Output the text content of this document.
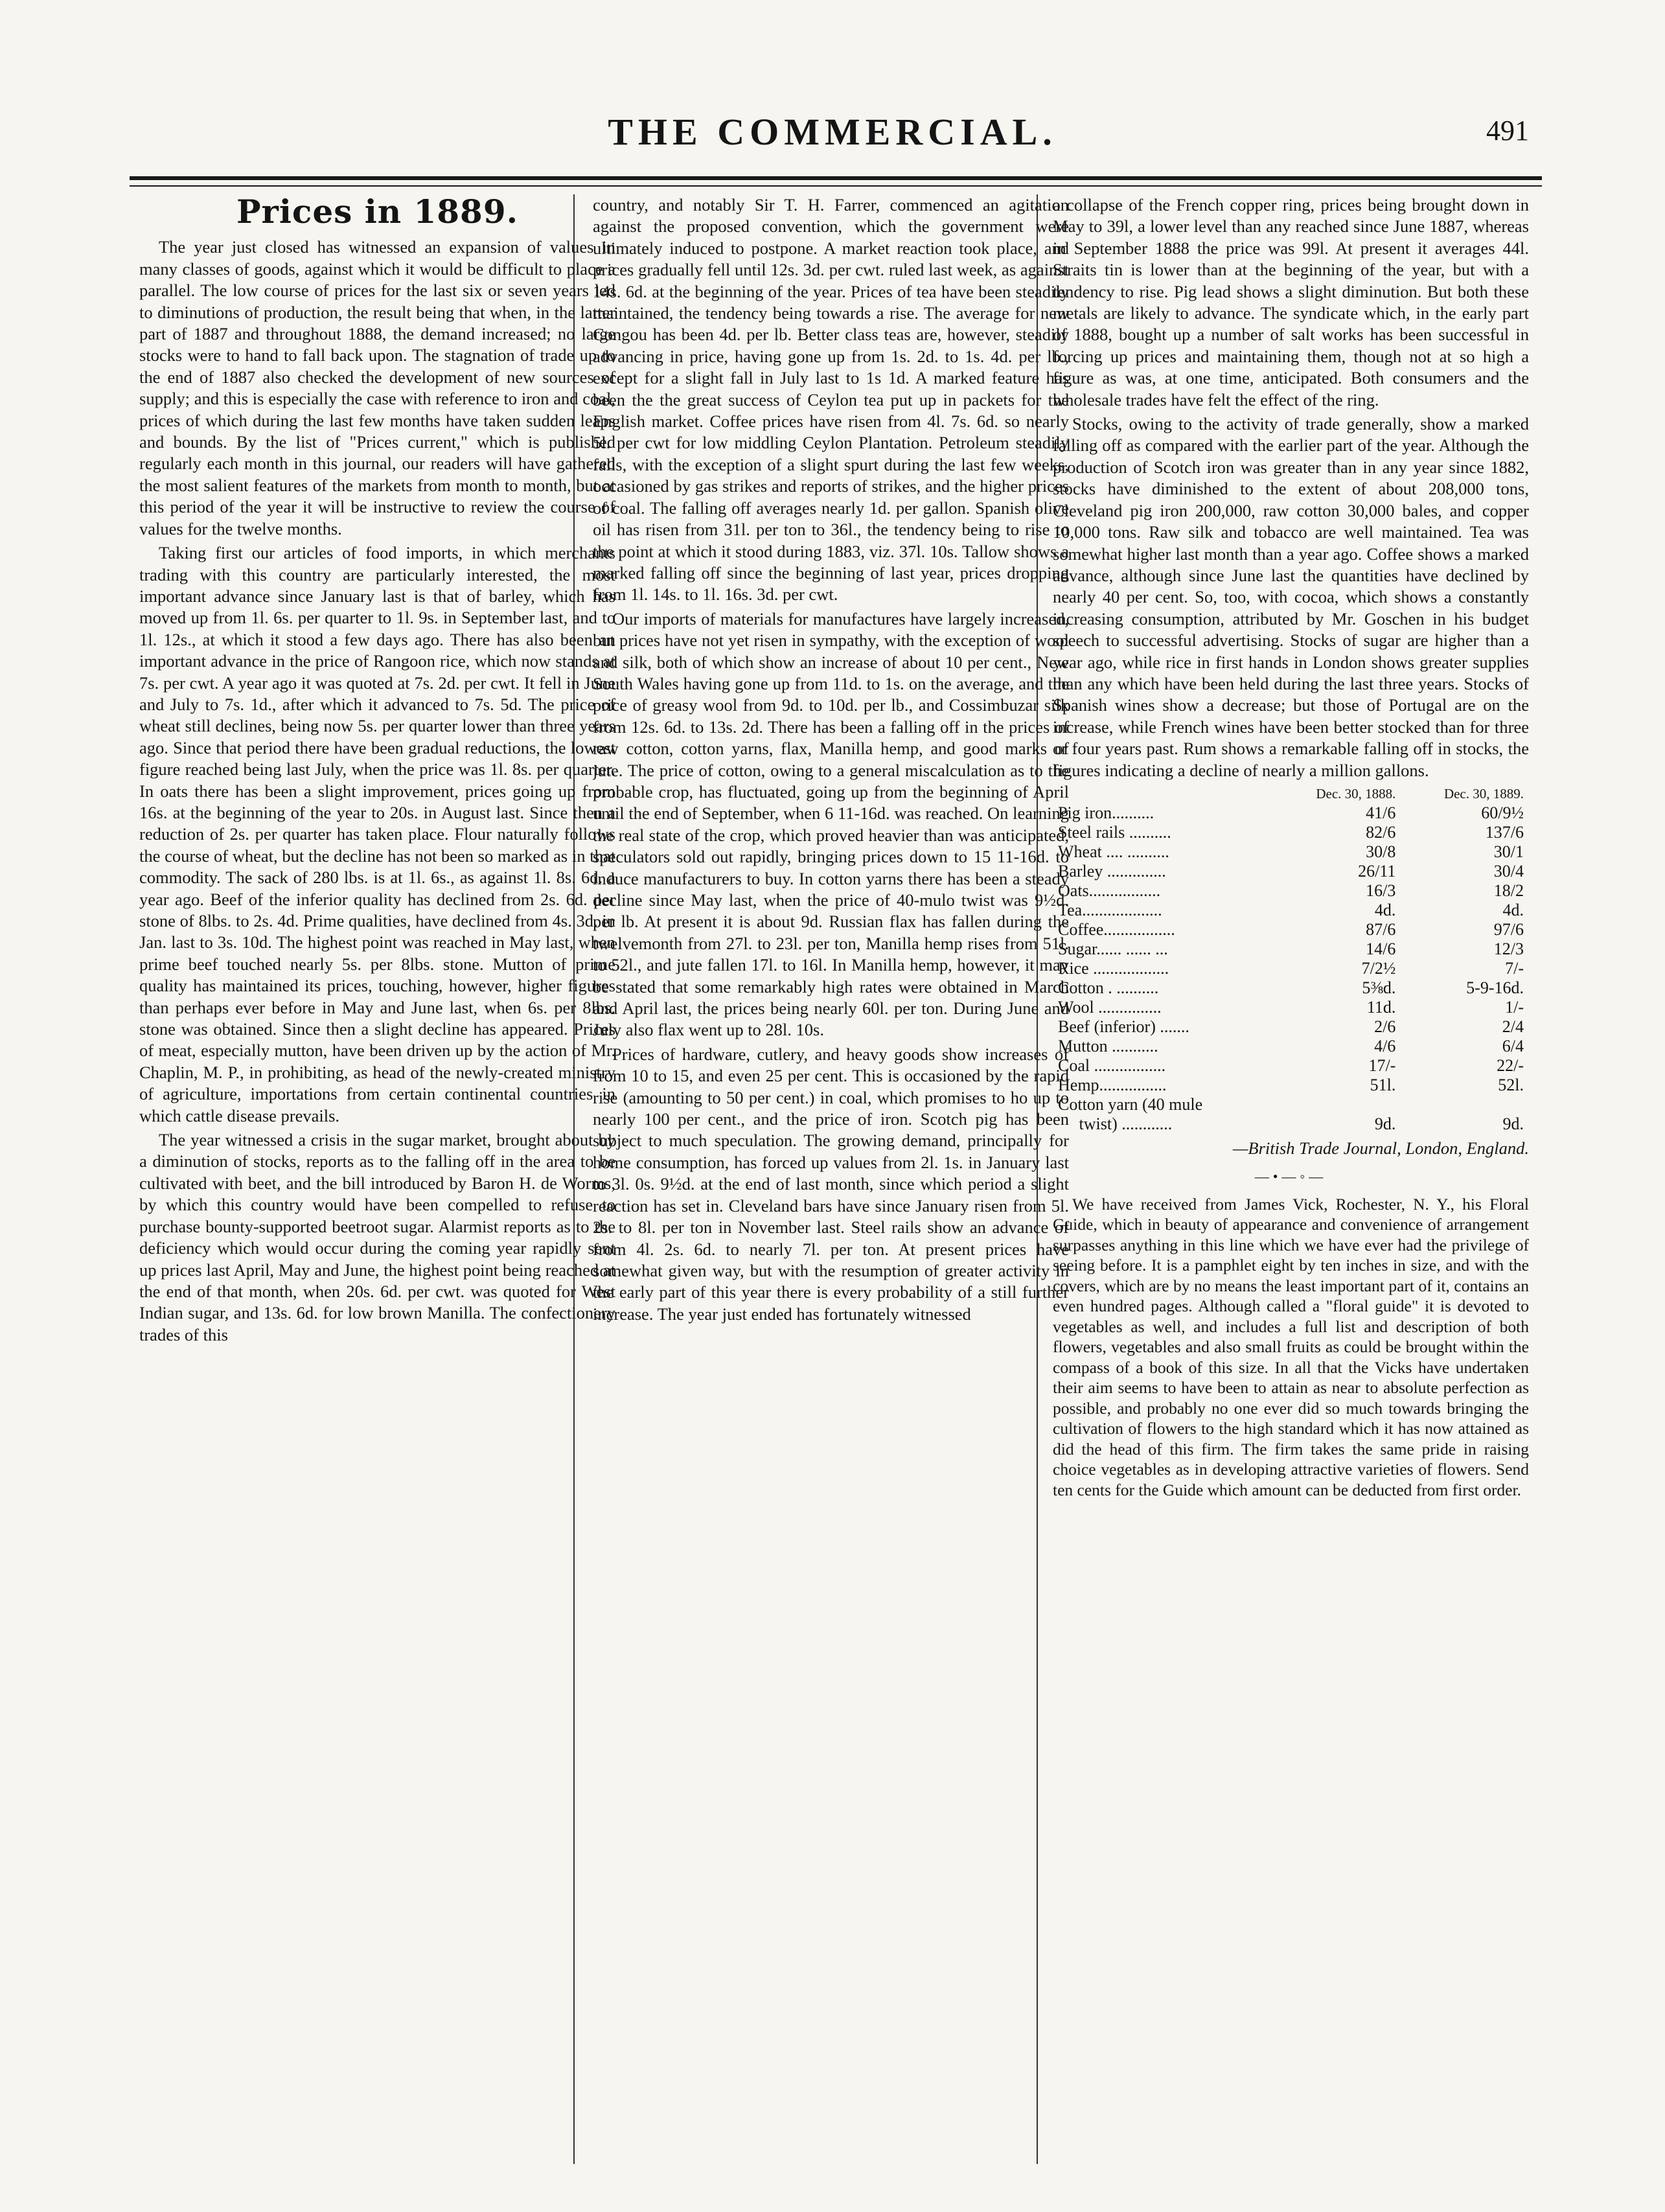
THE COMMERCIAL.	491
Prices in 1889.

The year just closed has witnessed an expansion of values in many classes of goods, against which it would be difficult to place a parallel. The low course of prices for the last six or seven years led to diminutions of production, the result being that when, in the latter part of 1887 and throughout 1888, the demand increased; no large stocks were to hand to fall back upon. The stagnation of trade up to the end of 1887 also checked the development of new sources of supply; and this is especially the case with reference to iron and coal, prices of which during the last few months have taken sudden leaps and bounds. By the list of "Prices current," which is published regularly each month in this journal, our readers will have gathered the most salient features of the markets from month to month, but at this period of the year it will be instructive to review the course of values for the twelve months.

Taking first our articles of food imports, in which merchants trading with this country are particularly interested, the most important advance since January last is that of barley, which has moved up from 1l. 6s. per quarter to 1l. 9s. in September last, and to 1l. 12s., at which it stood a few days ago. There has also been an important advance in the price of Rangoon rice, which now stands at 7s. per cwt. A year ago it was quoted at 7s. 2d. per cwt. It fell in June and July to 7s. 1d., after which it advanced to 7s. 5d. The price of wheat still declines, being now 5s. per quarter lower than three years ago. Since that period there have been gradual reductions, the lowest figure reached being last July, when the price was 1l. 8s. per quarter. In oats there has been a slight improvement, prices going up from 16s. at the beginning of the year to 20s. in August last. Since then a reduction of 2s. per quarter has taken place. Flour naturally follows the course of wheat, but the decline has not been so marked as in that commodity. The sack of 280 lbs. is at 1l. 6s., as against 1l. 8s. 6d. a year ago. Beef of the inferior quality has declined from 2s. 6d. per stone of 8lbs. to 2s. 4d. Prime qualities, have declined from 4s. 3d. in Jan. last to 3s. 10d. The highest point was reached in May last, when prime beef touched nearly 5s. per 8lbs. stone. Mutton of prime quality has maintained its prices, touching, however, higher figures than perhaps ever before in May and June last, when 6s. per 8lbs. stone was obtained. Since then a slight decline has appeared. Prices of meat, especially mutton, have been driven up by the action of Mr. Chaplin, M. P., in prohibiting, as head of the newly-created ministry of agriculture, importations from certain continental countries in which cattle disease prevails.

The year witnessed a crisis in the sugar market, brought about by a diminution of stocks, reports as to the falling off in the area to be cultivated with beet, and the bill introduced by Baron H. de Worms, by which this country would have been compelled to refuse to purchase bounty-supported beetroot sugar. Alarmist reports as to the deficiency which would occur during the coming year rapidly sent up prices last April, May and June, the highest point being reached at the end of that month, when 20s. 6d. per cwt. was quoted for West Indian sugar, and 13s. 6d. for low brown Manilla. The confectionery trades of this

country, and notably Sir T. H. Farrer, commenced an agitation against the proposed convention, which the government were ultimately induced to postpone. A market reaction took place, and prices gradually fell until 12s. 3d. per cwt. ruled last week, as against 14s. 6d. at the beginning of the year. Prices of tea have been steadily maintained, the tendency being towards a rise. The average for new Congou has been 4d. per lb. Better class teas are, however, steadily advancing in price, having gone up from 1s. 2d. to 1s. 4d. per lb., except for a slight fall in July last to 1s 1d. A marked feature has been the the great success of Ceylon tea put up in packets for the English market. Coffee prices have risen from 4l. 7s. 6d. so nearly 5l. per cwt for low middling Ceylon Plantation. Petroleum steadily falls, with the exception of a slight spurt during the last few weeks, occasioned by gas strikes and reports of strikes, and the higher prices of coal. The falling off averages nearly 1d. per gallon. Spanish olive oil has risen from 31l. per ton to 36l., the tendency being to rise to the point at which it stood during 1883, viz. 37l. 10s. Tallow shows a marked falling off since the beginning of last year, prices dropping from 1l. 14s. to 1l. 16s. 3d. per cwt.

Our imports of materials for manufactures have largely increased, but prices have not yet risen in sympathy, with the exception of wool and silk, both of which show an increase of about 10 per cent., New South Wales having gone up from 11d. to 1s. on the average, and the price of greasy wool from 9d. to 10d. per lb., and Cossimbuzar silk from 12s. 6d. to 13s. 2d. There has been a falling off in the prices of raw cotton, cotton yarns, flax, Manilla hemp, and good marks of jute. The price of cotton, owing to a general miscalculation as to the probable crop, has fluctuated, going up from the beginning of April until the end of September, when 6 11-16d. was reached. On learning the real state of the crop, which proved heavier than was anticipated, speculators sold out rapidly, bringing prices down to 15 11-16d. to induce manufacturers to buy. In cotton yarns there has been a steady decline since May last, when the price of 40-mulo twist was 9½d. per lb. At present it is about 9d. Russian flax has fallen during the twelvemonth from 27l. to 23l. per ton, Manilla hemp rises from 51l. to 52l., and jute fallen 17l. to 16l. In Manilla hemp, however, it may be stated that some remarkably high rates were obtained in March and April last, the prices being nearly 60l. per ton. During June and July also flax went up to 28l. 10s.

Prices of hardware, cutlery, and heavy goods show increases of from 10 to 15, and even 25 per cent. This is occasioned by the rapid rise (amounting to 50 per cent.) in coal, which promises to ho up to nearly 100 per cent., and the price of iron. Scotch pig has been subject to much speculation. The growing demand, principally for home consumption, has forced up values from 2l. 1s. in January last to 3l. 0s. 9½d. at the end of last month, since which period a slight reaction has set in. Cleveland bars have since January risen from 5l. 2s. to 8l. per ton in November last. Steel rails show an advance of from 4l. 2s. 6d. to nearly 7l. per ton. At present prices have somewhat given way, but with the resumption of greater activity in the early part of this year there is every probability of a still further increase. The year just ended has fortunately witnessed

a collapse of the French copper ring, prices being brought down in May to 39l, a lower level than any reached since June 1887, whereas in September 1888 the price was 99l. At present it averages 44l. Straits tin is lower than at the beginning of the year, but with a tendency to rise. Pig lead shows a slight diminution. But both these metals are likely to advance. The syndicate which, in the early part of 1888, bought up a number of salt works has been successful in forcing up prices and maintaining them, though not at so high a figure as was, at one time, anticipated. Both consumers and the wholesale trades have felt the effect of the ring.

Stocks, owing to the activity of trade generally, show a marked falling off as compared with the earlier part of the year. Although the production of Scotch iron was greater than in any year since 1882, stocks have diminished to the extent of about 208,000 tons, Cleveland pig iron 200,000, raw cotton 30,000 bales, and copper 10,000 tons. Raw silk and tobacco are well maintained. Tea was somewhat higher last month than a year ago. Coffee shows a marked advance, although since June last the quantities have declined by nearly 40 per cent. So, too, with cocoa, which shows a constantly increasing consumption, attributed by Mr. Goschen in his budget speech to successful advertising. Stocks of sugar are higher than a year ago, while rice in first hands in London shows greater supplies than any which have been held during the last three years. Stocks of Spanish wines show a decrease; but those of Portugal are on the increase, while French wines have been better stocked than for three or four years past. Rum shows a remarkable falling off in stocks, the figures indicating a decline of nearly a million gallons.

	Dec. 30, 1888.	Dec. 30, 1889.
Pig iron..........	41/6	60/9½
Steel rails ..........	82/6	137/6
Wheat .... ..........	30/8	30/1
Barley ..............	26/11	30/4
Oats.................	16/3	18/2
Tea...................	4d.	4d.
Coffee.................	87/6	97/6
Sugar...... ...... ...	14/6	12/3
Rice ..................	7/2½	7/-
Cotton . ..........	5⅜d.	5-9-16d.
Wool ...............	11d.	1/-
Beef (inferior) .......	2/6	2/4
Mutton ...........	4/6	6/4
Coal .................	17/-	22/-
Hemp................	51l.	52l.
Cotton yarn (40 mule		
twist) ............	9d.	9d.
—British Trade Journal, London, England.
—•—◦—

We have received from James Vick, Rochester, N. Y., his Floral Guide, which in beauty of appearance and convenience of arrangement surpasses anything in this line which we have ever had the privilege of seeing before. It is a pamphlet eight by ten inches in size, and with the covers, which are by no means the least important part of it, contains an even hundred pages. Although called a "floral guide" it is devoted to vegetables as well, and includes a full list and description of both flowers, vegetables and also small fruits as could be brought within the compass of a book of this size. In all that the Vicks have undertaken their aim seems to have been to attain as near to absolute perfection as possible, and probably no one ever did so much towards bringing the cultivation of flowers to the high standard which it has now attained as did the head of this firm. The firm takes the same pride in raising choice vegetables as in developing attractive varieties of flowers. Send ten cents for the Guide which amount can be deducted from first order.
